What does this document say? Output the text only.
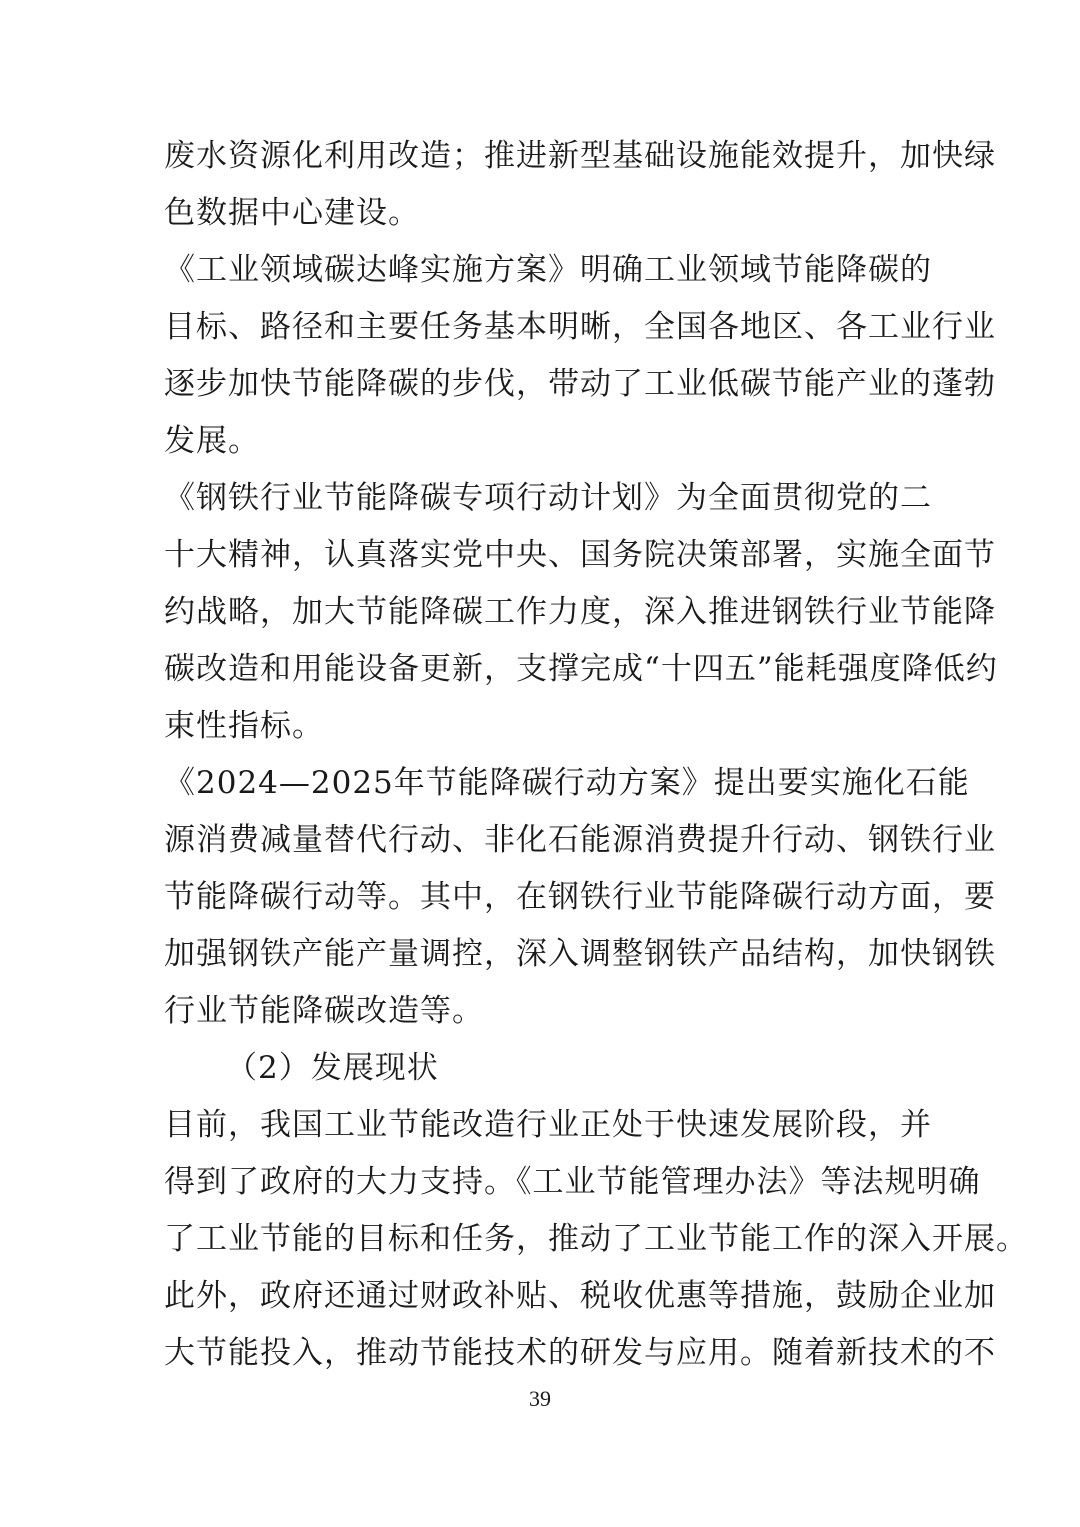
废水资源化利用改造；推进新型基础设施能效提升，加快绿
色数据中心建设。
《工业领域碳达峰实施方案》明确工业领域节能降碳的
目标、路径和主要任务基本明晰，全国各地区、各工业行业
逐步加快节能降碳的步伐，带动了工业低碳节能产业的蓬勃
发展。
《钢铁行业节能降碳专项行动计划》为全面贯彻党的二
十大精神，认真落实党中央、国务院决策部署，实施全面节
约战略，加大节能降碳工作力度，深入推进钢铁行业节能降
碳改造和用能设备更新，支撑完成“十四五”能耗强度降低约
束性指标。
《2024—2025年节能降碳行动方案》提出要实施化石能
源消费减量替代行动、非化石能源消费提升行动、钢铁行业
节能降碳行动等。其中，在钢铁行业节能降碳行动方面，要
加强钢铁产能产量调控，深入调整钢铁产品结构，加快钢铁
行业节能降碳改造等。
（2）发展现状
目前，我国工业节能改造行业正处于快速发展阶段，并
得到了政府的大力支持。《工业节能管理办法》等法规明确
了工业节能的目标和任务，推动了工业节能工作的深入开展。
此外，政府还通过财政补贴、税收优惠等措施，鼓励企业加
大节能投入，推动节能技术的研发与应用。随着新技术的不
39
